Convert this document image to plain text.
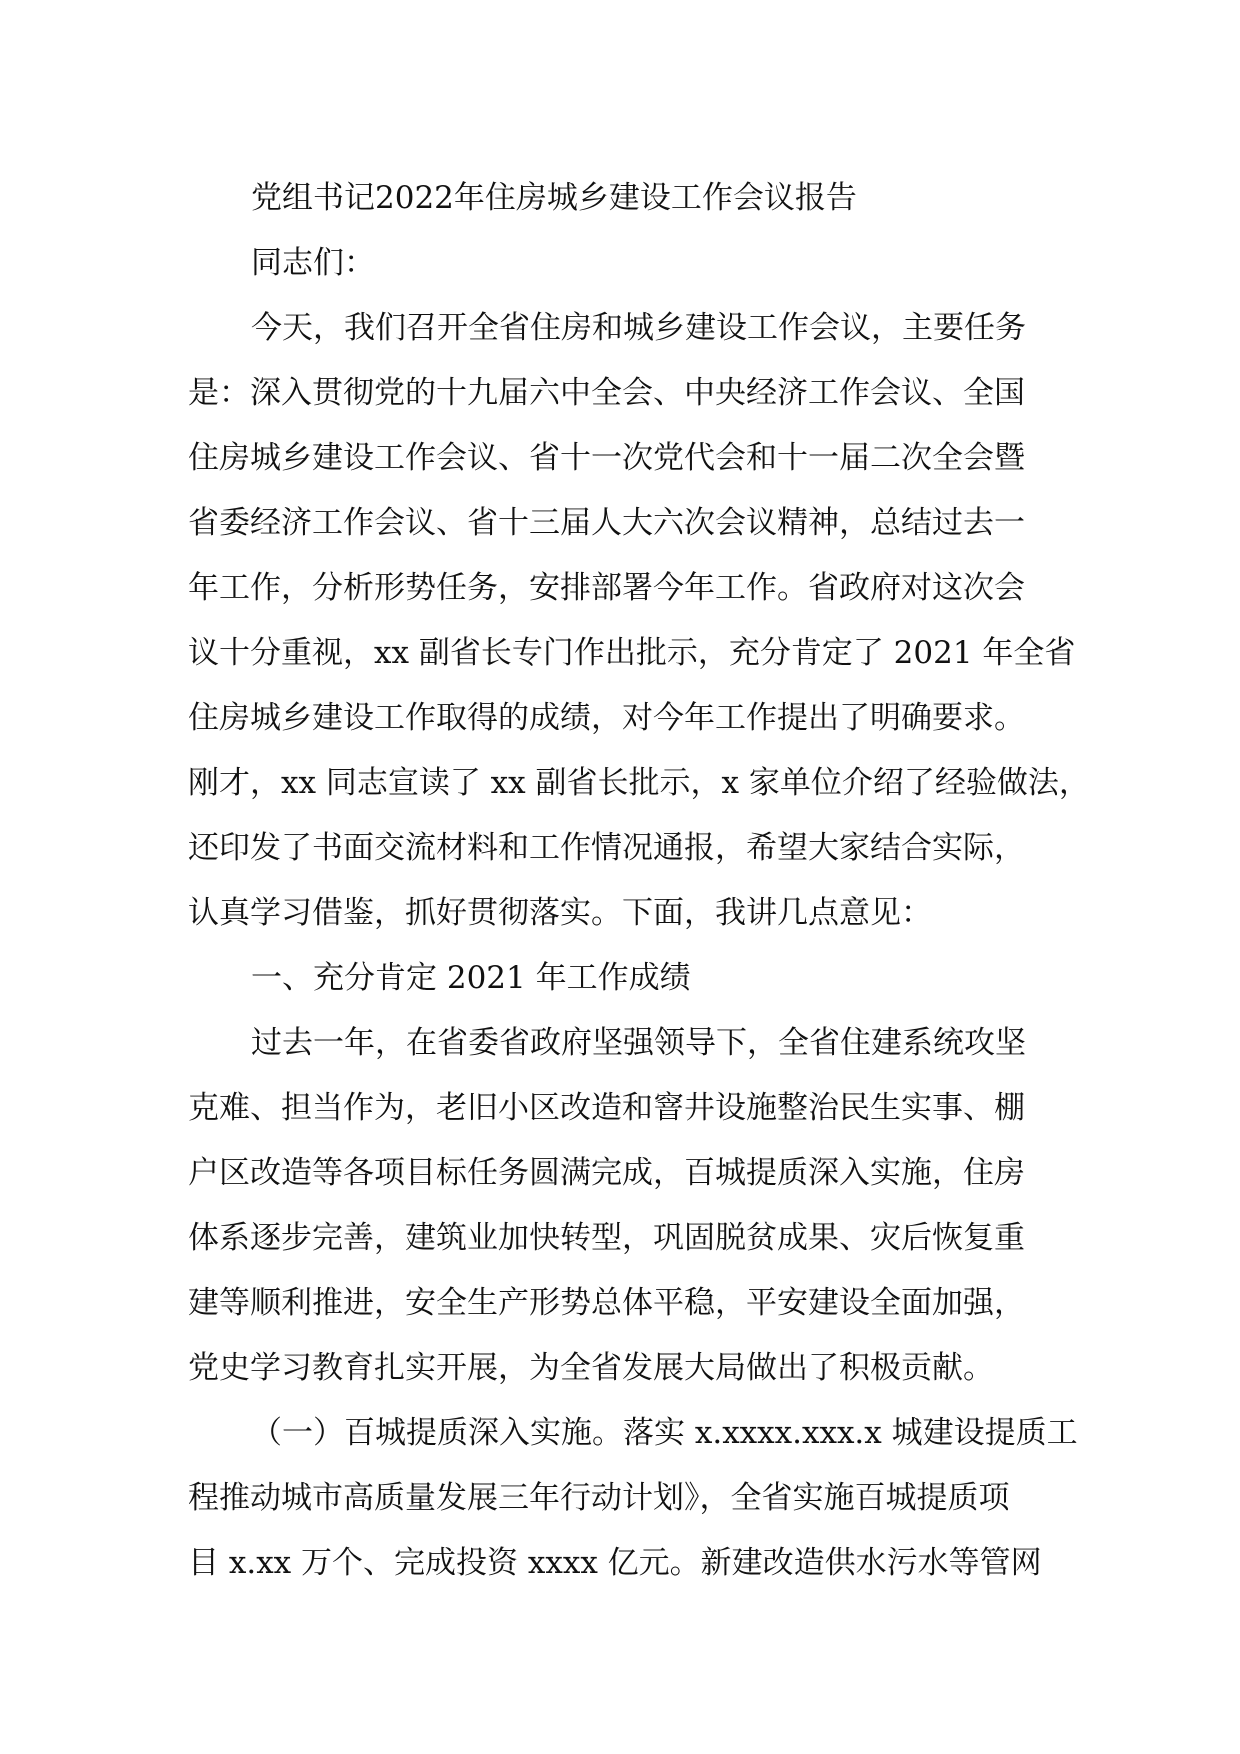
党组书记2022年住房城乡建设工作会议报告
同志们：
今天，我们召开全省住房和城乡建设工作会议，主要任务
是：深入贯彻党的十九届六中全会、中央经济工作会议、全国
住房城乡建设工作会议、省十一次党代会和十一届二次全会暨
省委经济工作会议、省十三届人大六次会议精神，总结过去一
年工作，分析形势任务，安排部署今年工作。省政府对这次会
议十分重视，xx 副省长专门作出批示，充分肯定了 2021 年全省
住房城乡建设工作取得的成绩，对今年工作提出了明确要求。
刚才，xx 同志宣读了 xx 副省长批示，x 家单位介绍了经验做法，
还印发了书面交流材料和工作情况通报，希望大家结合实际，
认真学习借鉴，抓好贯彻落实。下面，我讲几点意见：
一、充分肯定 2021 年工作成绩
过去一年，在省委省政府坚强领导下，全省住建系统攻坚
克难、担当作为，老旧小区改造和窨井设施整治民生实事、棚
户区改造等各项目标任务圆满完成，百城提质深入实施，住房
体系逐步完善，建筑业加快转型，巩固脱贫成果、灾后恢复重
建等顺利推进，安全生产形势总体平稳，平安建设全面加强，
党史学习教育扎实开展，为全省发展大局做出了积极贡献。
（一）百城提质深入实施。落实 x.xxxx.xxx.x 城建设提质工
程推动城市高质量发展三年行动计划》，全省实施百城提质项
目 x.xx 万个、完成投资 xxxx 亿元。新建改造供水污水等管网
